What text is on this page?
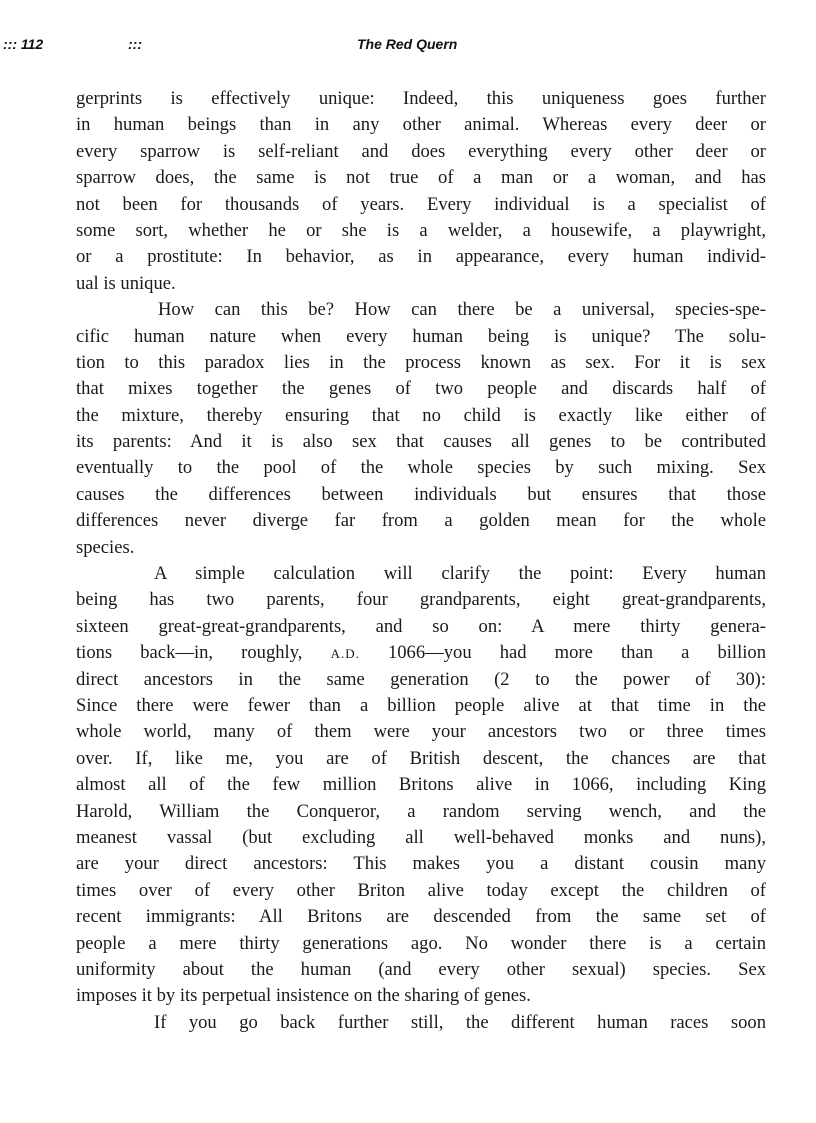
::: 112	:::	The Red Quern
gerprints is effectively unique: Indeed, this uniqueness goes further
in human beings than in any other animal. Whereas every deer or
every sparrow is self-reliant and does everything every other deer or
sparrow does, the same is not true of a man or a woman, and has
not been for thousands of years. Every individual is a specialist of
some sort, whether he or she is a welder, a housewife, a playwright,
or a prostitute: In behavior, as in appearance, every human individ-
ual is unique.
How can this be? How can there be a universal, species-spe-
cific human nature when every human being is unique? The solu-
tion to this paradox lies in the process known as sex. For it is sex
that mixes together the genes of two people and discards half of
the mixture, thereby ensuring that no child is exactly like either of
its parents: And it is also sex that causes all genes to be contributed
eventually to the pool of the whole species by such mixing. Sex
causes the differences between individuals but ensures that those
differences never diverge far from a golden mean for the whole
species.
A simple calculation will clarify the point: Every human
being has two parents, four grandparents, eight great-grandparents,
sixteen great-great-grandparents, and so on: A mere thirty genera-
tions back—in, roughly, A.D. 1066—you had more than a billion
direct ancestors in the same generation (2 to the power of 30):
Since there were fewer than a billion people alive at that time in the
whole world, many of them were your ancestors two or three times
over. If, like me, you are of British descent, the chances are that
almost all of the few million Britons alive in 1066, including King
Harold, William the Conqueror, a random serving wench, and the
meanest vassal (but excluding all well-behaved monks and nuns),
are your direct ancestors: This makes you a distant cousin many
times over of every other Briton alive today except the children of
recent immigrants: All Britons are descended from the same set of
people a mere thirty generations ago. No wonder there is a certain
uniformity about the human (and every other sexual) species. Sex
imposes it by its perpetual insistence on the sharing of genes.
If you go back further still, the different human races soon
